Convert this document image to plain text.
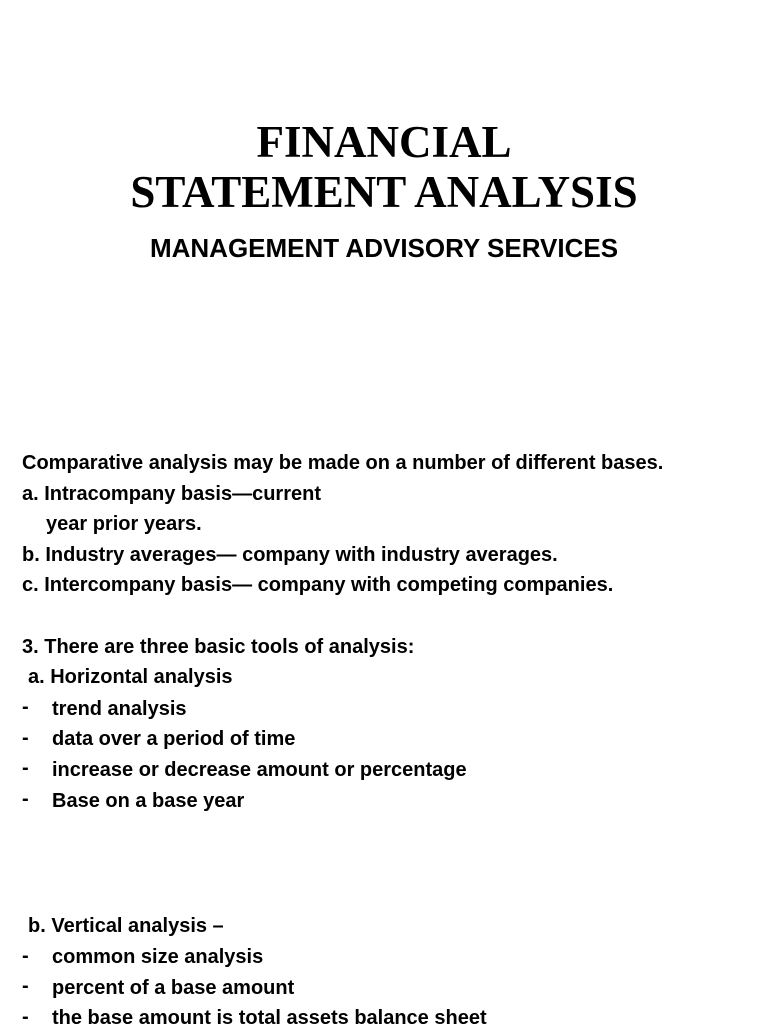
FINANCIAL
STATEMENT ANALYSIS
MANAGEMENT ADVISORY SERVICES
Comparative analysis may be made on a number of different bases.
a. Intracompany basis—current
year prior years.
b. Industry averages— company with industry averages.
c. Intercompany basis— company with competing companies.
3. There are three basic tools of analysis:
a. Horizontal analysis
- trend analysis
- data over a period of time
- increase or decrease amount or percentage
- Base on a base year
b. Vertical analysis –
- common size analysis
- percent of a base amount
- the base amount is total assets balance sheet
